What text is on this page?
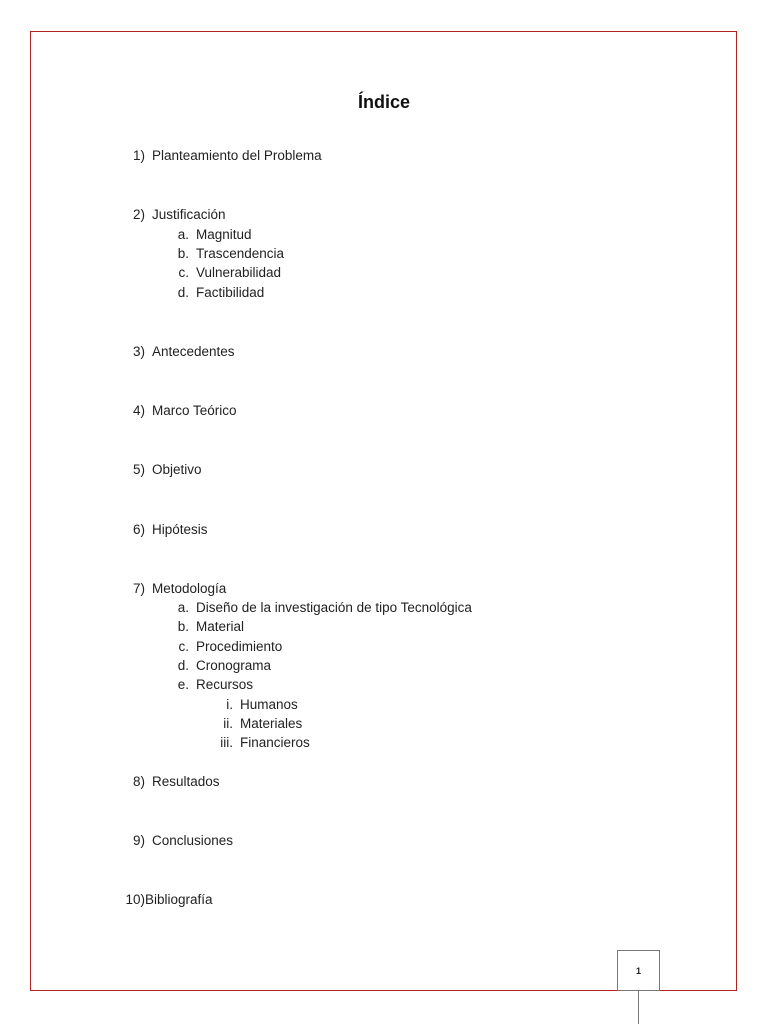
Índice
1) Planteamiento del Problema
2) Justificación
a. Magnitud
b. Trascendencia
c. Vulnerabilidad
d. Factibilidad
3) Antecedentes
4) Marco Teórico
5) Objetivo
6) Hipótesis
7) Metodología
a. Diseño de la investigación de tipo Tecnológica
b. Material
c. Procedimiento
d. Cronograma
e. Recursos
i. Humanos
ii. Materiales
iii. Financieros
8) Resultados
9) Conclusiones
10)Bibliografía
1
